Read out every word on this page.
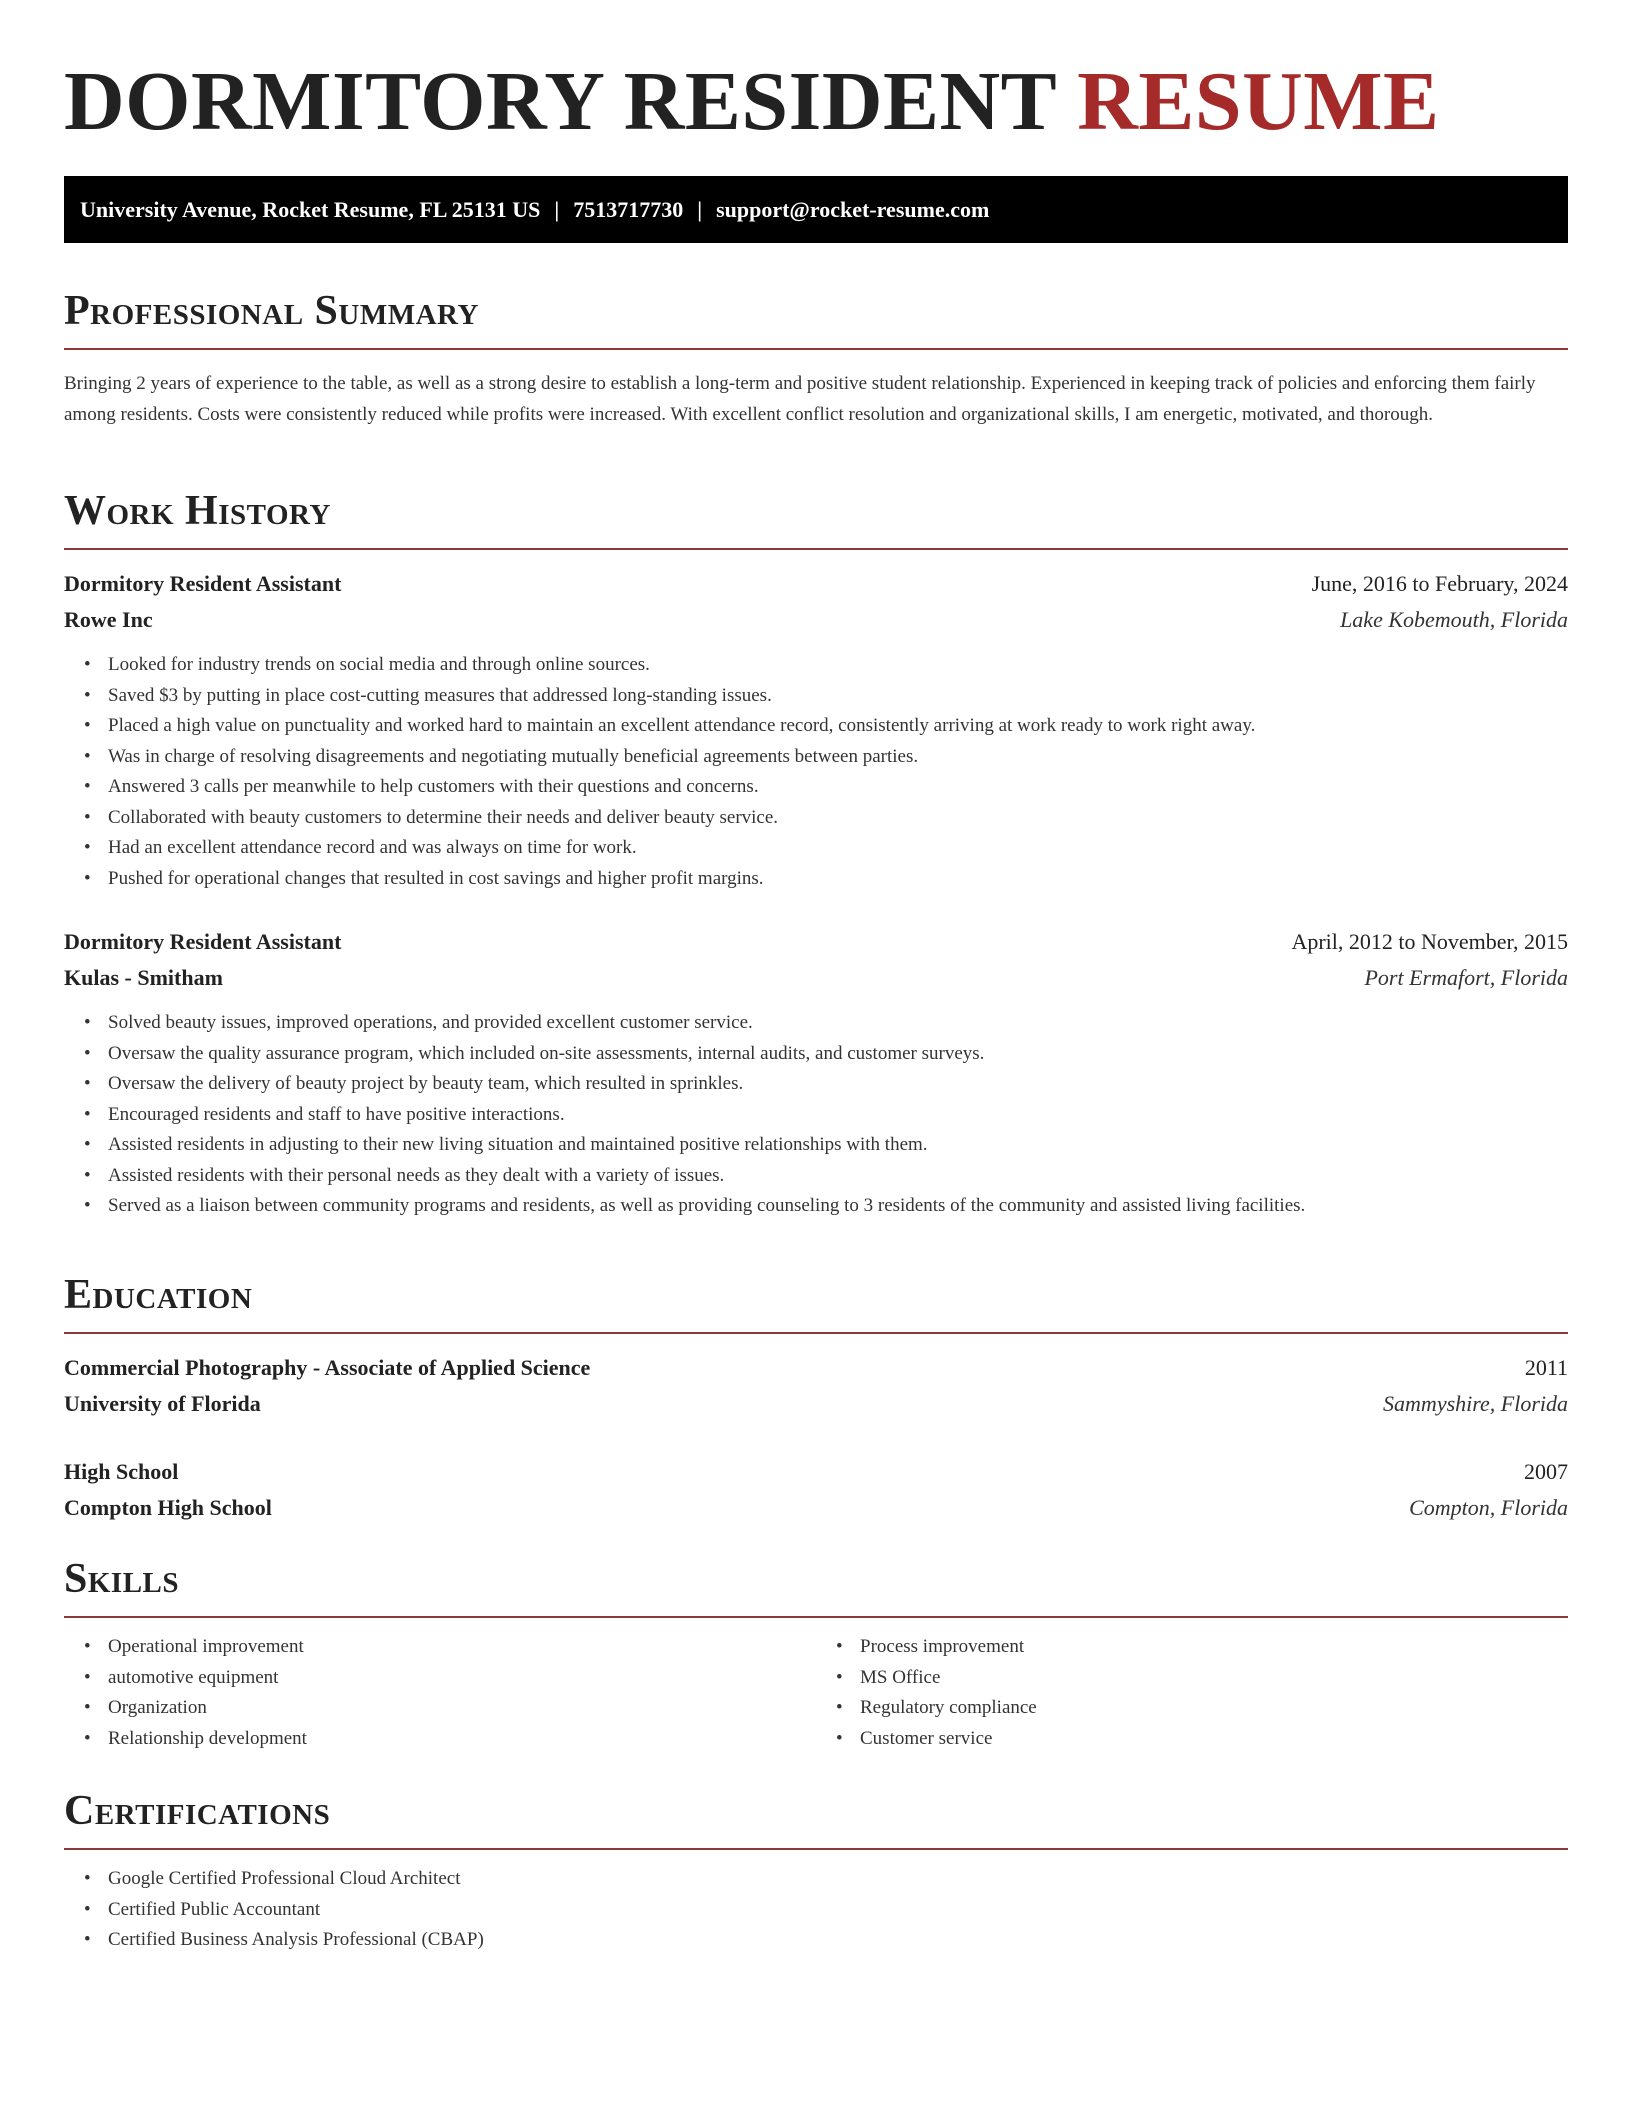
DORMITORY RESIDENT RESUME
University Avenue, Rocket Resume, FL 25131 US | 7513717730 | support@rocket-resume.com
Professional Summary

Bringing 2 years of experience to the table, as well as a strong desire to establish a long-term and positive student relationship. Experienced in keeping track of policies and enforcing them fairly among residents. Costs were consistently reduced while profits were increased. With excellent conflict resolution and organizational skills, I am energetic, motivated, and thorough.

Work History
Dormitory Resident Assistant	June, 2016 to February, 2024
Rowe Inc	Lake Kobemouth, Florida
• Looked for industry trends on social media and through online sources.
• Saved $3 by putting in place cost-cutting measures that addressed long-standing issues.
• Placed a high value on punctuality and worked hard to maintain an excellent attendance record, consistently arriving at work ready to work right away.
• Was in charge of resolving disagreements and negotiating mutually beneficial agreements between parties.
• Answered 3 calls per meanwhile to help customers with their questions and concerns.
• Collaborated with beauty customers to determine their needs and deliver beauty service.
• Had an excellent attendance record and was always on time for work.
• Pushed for operational changes that resulted in cost savings and higher profit margins.
Dormitory Resident Assistant	April, 2012 to November, 2015
Kulas - Smitham	Port Ermafort, Florida
• Solved beauty issues, improved operations, and provided excellent customer service.
• Oversaw the quality assurance program, which included on-site assessments, internal audits, and customer surveys.
• Oversaw the delivery of beauty project by beauty team, which resulted in sprinkles.
• Encouraged residents and staff to have positive interactions.
• Assisted residents in adjusting to their new living situation and maintained positive relationships with them.
• Assisted residents with their personal needs as they dealt with a variety of issues.
• Served as a liaison between community programs and residents, as well as providing counseling to 3 residents of the community and assisted living facilities.
Education
Commercial Photography - Associate of Applied Science	2011
University of Florida	Sammyshire, Florida
High School	2007
Compton High School	Compton, Florida
Skills
• Operational improvement
• automotive equipment
• Organization
• Relationship development
• Process improvement
• MS Office
• Regulatory compliance
• Customer service
Certifications
• Google Certified Professional Cloud Architect
• Certified Public Accountant
• Certified Business Analysis Professional (CBAP)
